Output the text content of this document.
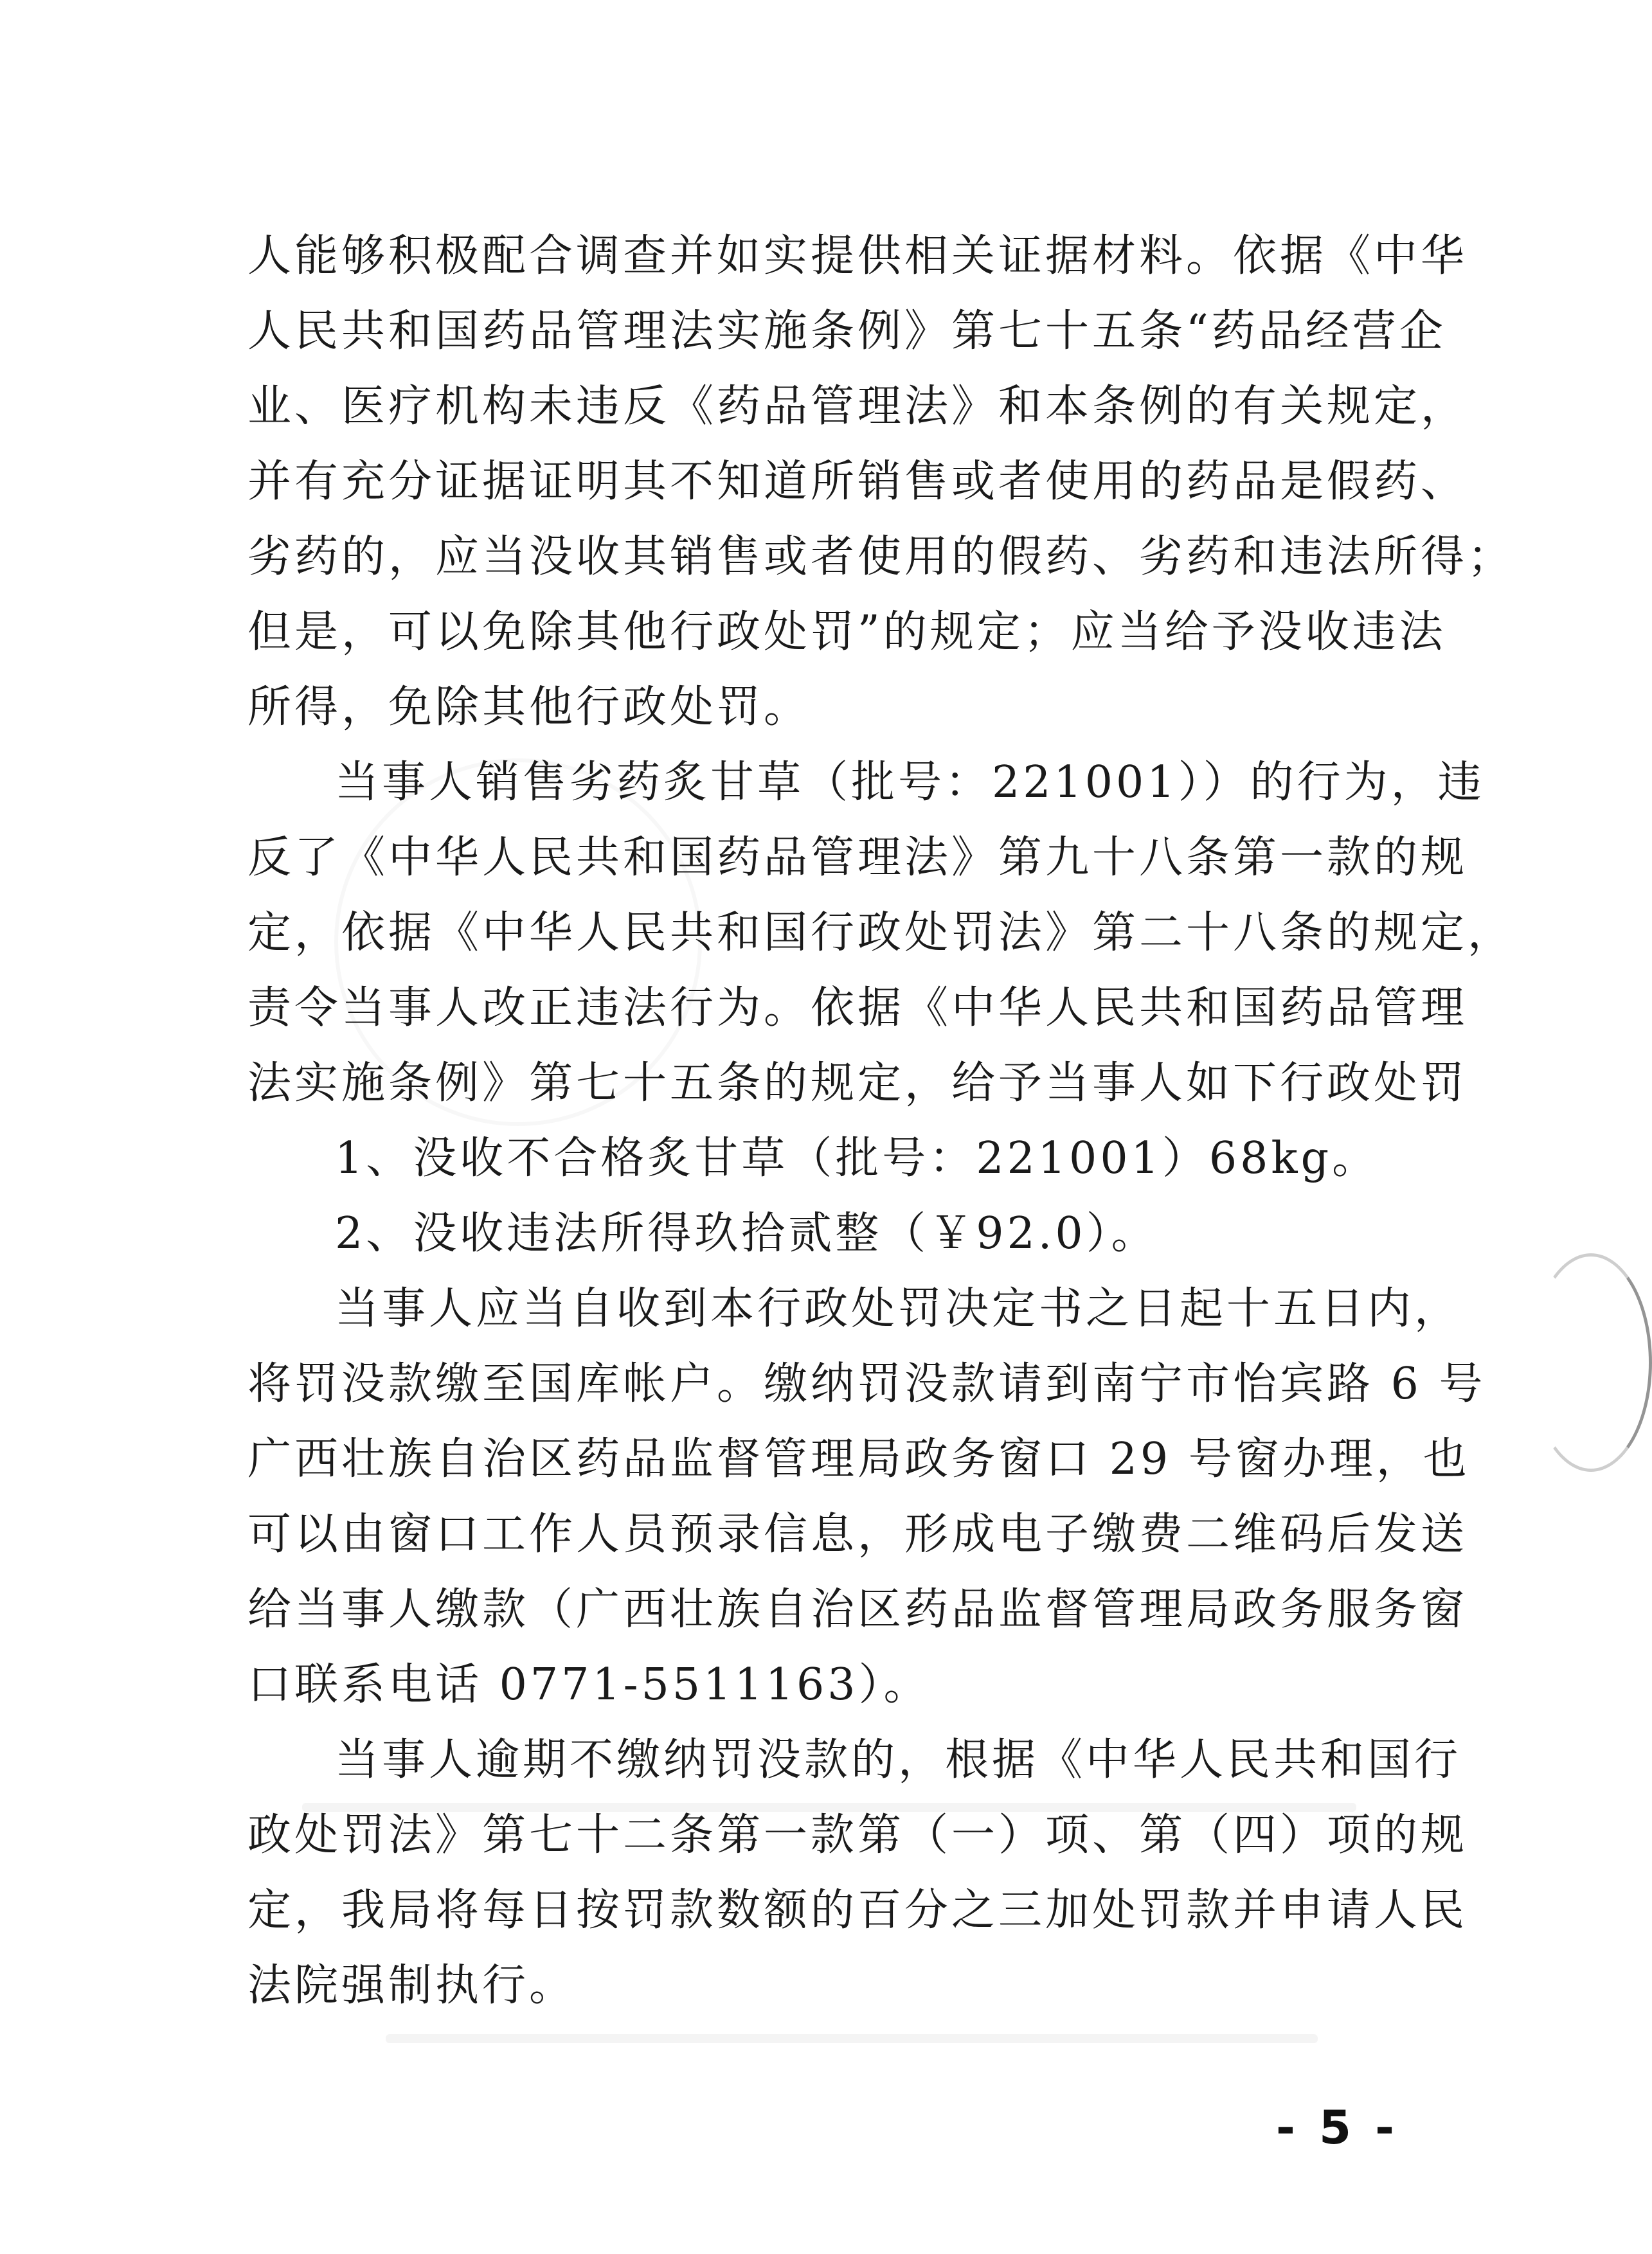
人能够积极配合调查并如实提供相关证据材料。依据《中华
人民共和国药品管理法实施条例》第七十五条“药品经营企
业、医疗机构未违反《药品管理法》和本条例的有关规定，
并有充分证据证明其不知道所销售或者使用的药品是假药、
劣药的，应当没收其销售或者使用的假药、劣药和违法所得；
但是，可以免除其他行政处罚”的规定；应当给予没收违法
所得，免除其他行政处罚。
当事人销售劣药炙甘草（批号：221001））的行为，违
反了《中华人民共和国药品管理法》第九十八条第一款的规
定，依据《中华人民共和国行政处罚法》第二十八条的规定，
责令当事人改正违法行为。依据《中华人民共和国药品管理
法实施条例》第七十五条的规定，给予当事人如下行政处罚
1、没收不合格炙甘草（批号：221001）68kg。
2、没收违法所得玖拾贰整（￥92.0）。
当事人应当自收到本行政处罚决定书之日起十五日内，
将罚没款缴至国库帐户。缴纳罚没款请到南宁市怡宾路 6 号
广西壮族自治区药品监督管理局政务窗口 29 号窗办理，也
可以由窗口工作人员预录信息，形成电子缴费二维码后发送
给当事人缴款（广西壮族自治区药品监督管理局政务服务窗
口联系电话 0771-5511163）。
当事人逾期不缴纳罚没款的，根据《中华人民共和国行
政处罚法》第七十二条第一款第（一）项、第（四）项的规
定，我局将每日按罚款数额的百分之三加处罚款并申请人民
法院强制执行。
- 5 -
